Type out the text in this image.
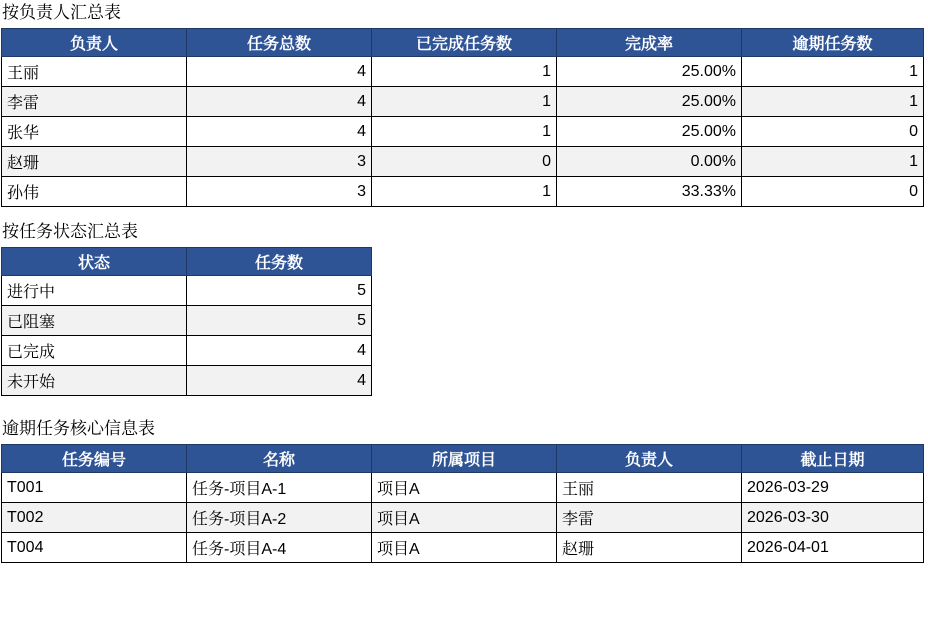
按负责人汇总表
负责人	任务总数	已完成任务数	完成率	逾期任务数
王丽	4	1	25.00%	1
李雷	4	1	25.00%	1
张华	4	1	25.00%	0
赵珊	3	0	0.00%	1
孙伟	3	1	33.33%	0
按任务状态汇总表
状态	任务数
进行中	5
已阻塞	5
已完成	4
未开始	4
逾期任务核心信息表
任务编号	名称	所属项目	负责人	截止日期
T001	任务-项目A-1	项目A	王丽	2026-03-29
T002	任务-项目A-2	项目A	李雷	2026-03-30
T004	任务-项目A-4	项目A	赵珊	2026-04-01
